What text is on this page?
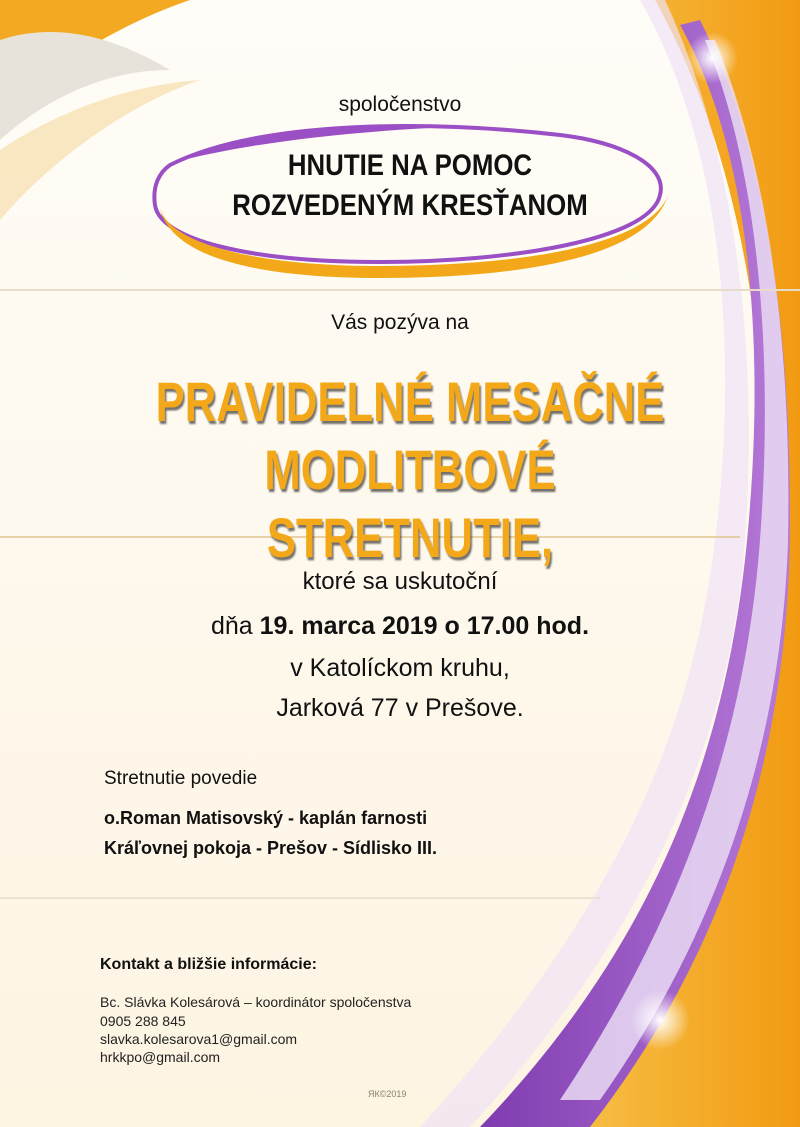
spoločenstvo
HNUTIE NA POMOC
ROZVEDENÝM KRESŤANOM
Vás pozýva na
PRAVIDELNÉ MESAČNÉ
MODLITBOVÉ STRETNUTIE,
ktoré sa uskutoční
dňa 19. marca 2019 o 17.00 hod.
v Katolíckom kruhu,
Jarková 77 v Prešove.
Stretnutie povedie
o.Roman Matisovský - kaplán farnosti
Kráľovnej pokoja - Prešov - Sídlisko III.
Kontakt a bližšie informácie:
Bc. Slávka Kolesárová – koordinátor spoločenstva
0905 288 845
slavka.kolesarova1@gmail.com
hrkkpo@gmail.com
ЯК©2019
